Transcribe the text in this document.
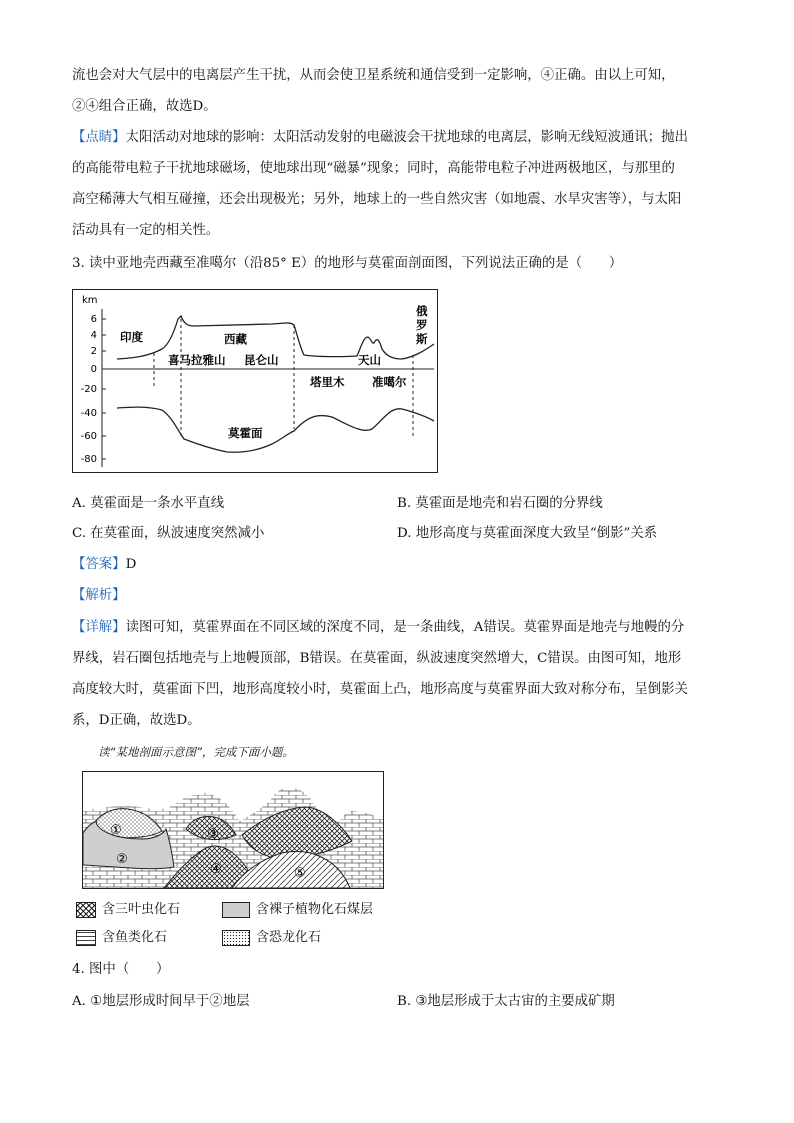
流也会对大气层中的电离层产生干扰，从而会使卫星系统和通信受到一定影响，④正确。由以上可知，
②④组合正确，故选D。
【点睛】太阳活动对地球的影响：太阳活动发射的电磁波会干扰地球的电离层，影响无线短波通讯；抛出
的高能带电粒子干扰地球磁场，使地球出现“磁暴”现象；同时，高能带电粒子冲进两极地区，与那里的
高空稀薄大气相互碰撞，还会出现极光；另外，地球上的一些自然灾害（如地震、水旱灾害等），与太阳
活动具有一定的相关性。
3. 读中亚地壳西藏至准噶尔（沿85° E）的地形与莫霍面剖面图，下列说法正确的是（　　）
km
6
4
2
0
-20
-40
-60
-80
印度	西藏
俄
罗
斯
喜马拉雅山 昆仑山	天山
塔里木 准噶尔
莫霍面
A. 莫霍面是一条水平直线	B. 莫霍面是地壳和岩石圈的分界线
C. 在莫霍面，纵波速度突然减小	D. 地形高度与莫霍面深度大致呈“倒影”关系
【答案】D
【解析】
【详解】读图可知，莫霍界面在不同区域的深度不同，是一条曲线，A错误。莫霍界面是地壳与地幔的分
界线，岩石圈包括地壳与上地幔顶部，B错误。在莫霍面，纵波速度突然增大，C错误。由图可知，地形
高度较大时，莫霍面下凹，地形高度较小时，莫霍面上凸，地形高度与莫霍界面大致对称分布，呈倒影关
系，D正确，故选D。
读“某地剖面示意图”，完成下面小题。
①
②
③
④	⑤
含三叶虫化石	含裸子植物化石煤层
含鱼类化石	含恐龙化石
4. 图中（　　）
A. ①地层形成时间早于②地层	B. ③地层形成于太古宙的主要成矿期
